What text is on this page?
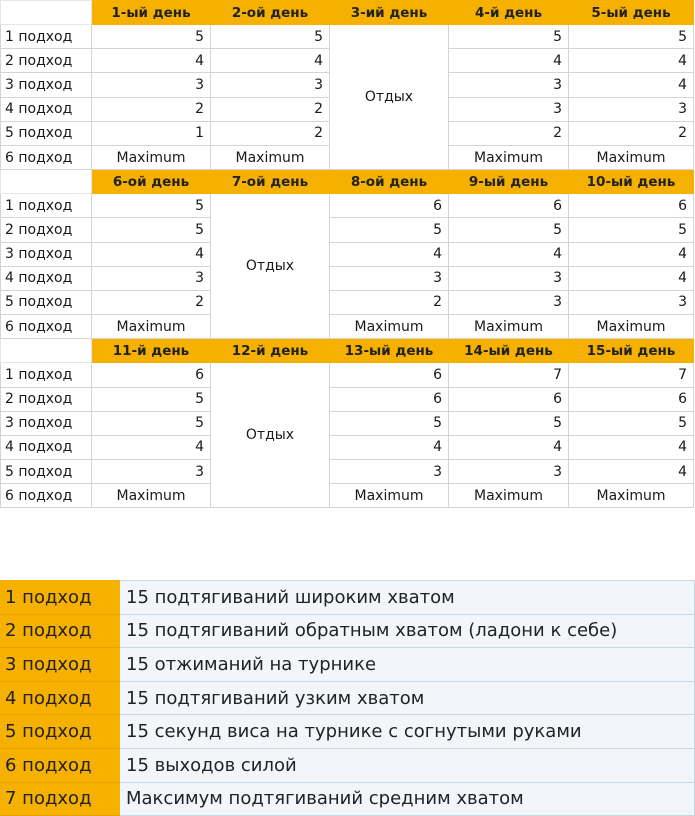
	1-ый день	2-ой день	3-ий день	4-й день	5-ый день
1 подход	5	5	Отдых	5	5
2 подход	4	4		4	4
3 подход	3	3		3	4
4 подход	2	2		3	3
5 подход	1	2		2	2
6 подход	Maximum	Maximum		Maximum	Maximum
	6-ой день	7-ой день	8-ой день	9-ый день	10-ый день
1 подход	5	Отдых	6	6	6
2 подход	5		5	5	5
3 подход	4		4	4	4
4 подход	3		3	3	4
5 подход	2		2	3	3
6 подход	Maximum		Maximum	Maximum	Maximum
	11-й день	12-й день	13-ый день	14-ый день	15-ый день
1 подход	6	Отдых	6	7	7
2 подход	5		6	6	6
3 подход	5		5	5	5
4 подход	4		4	4	4
5 подход	3		3	3	4
6 подход	Maximum		Maximum	Maximum	Maximum
1 подход	15 подтягиваний широким хватом
2 подход	15 подтягиваний обратным хватом (ладони к себе)
3 подход	15 отжиманий на турнике
4 подход	15 подтягиваний узким хватом
5 подход	15 секунд виса на турнике с согнутыми руками
6 подход	15 выходов силой
7 подход	Максимум подтягиваний средним хватом
